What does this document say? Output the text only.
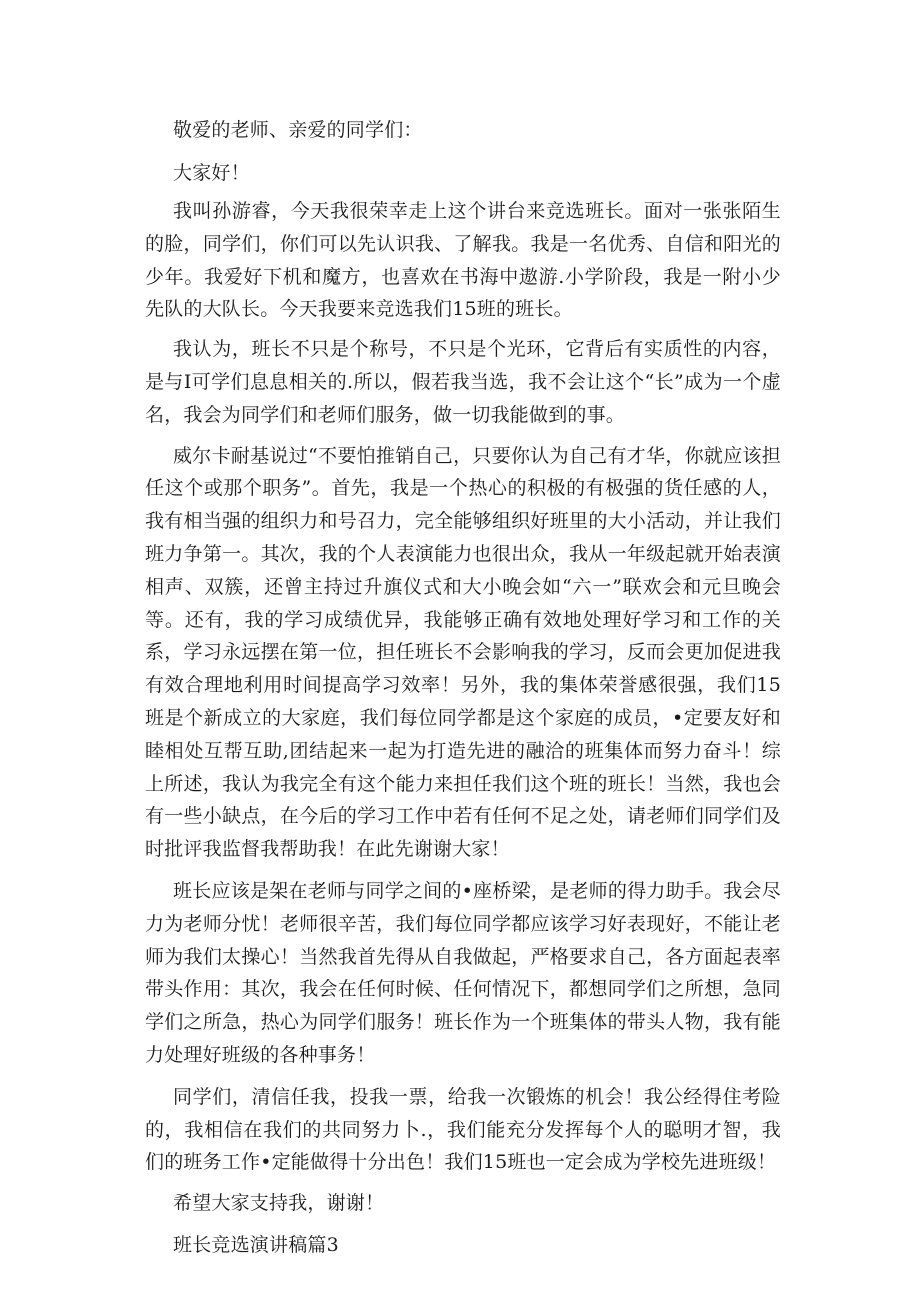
敬爱的老师、亲爱的同学们：

大家好！

我叫孙游睿，今天我很荣幸走上这个讲台来竞选班长。面对一张张陌生的脸，同学们，你们可以先认识我、了解我。我是一名优秀、自信和阳光的少年。我爱好下机和魔方，也喜欢在书海中遨游.小学阶段，我是一附小少先队的大队长。今天我要来竞选我们15班的班长。

我认为，班长不只是个称号，不只是个光环，它背后有实质性的内容，是与I可学们息息相关的.所以，假若我当选，我不会让这个“长”成为一个虚名，我会为同学们和老师们服务，做一切我能做到的事。

威尔卡耐基说过“不要怕推销自己，只要你认为自己有才华，你就应该担任这个或那个职务”。首先，我是一个热心的积极的有极强的货任感的人，我有相当强的组织力和号召力，完全能够组织好班里的大小活动，并让我们班力争第一。其次，我的个人表演能力也很出众，我从一年级起就开始表演相声、双簇，还曾主持过升旗仪式和大小晚会如“六一”联欢会和元旦晚会等。还有，我的学习成绩优异，我能够正确有效地处理好学习和工作的关系，学习永远摆在第一位，担任班长不会影响我的学习，反而会更加促进我有效合理地利用时间提高学习效率！另外，我的集体荣誉感很强，我们15班是个新成立的大家庭，我们每位同学都是这个家庭的成员，•定要友好和睦相处互帮互助,团结起来一起为打造先进的融洽的班集体而努力奋斗！综上所述，我认为我完全有这个能力来担任我们这个班的班长！当然，我也会有一些小缺点，在今后的学习工作中若有任何不足之处，请老师们同学们及时批评我监督我帮助我！在此先谢谢大家！

班长应该是架在老师与同学之间的•座桥梁，是老师的得力助手。我会尽力为老师分忧！老师很辛苦，我们每位同学都应该学习好表现好，不能让老师为我们太操心！当然我首先得从自我做起，严格要求自己，各方面起表率带头作用：其次，我会在任何时候、任何情况下，都想同学们之所想，急同学们之所急，热心为同学们服务！班长作为一个班集体的带头人物，我有能力处理好班级的各种事务！

同学们，清信任我，投我一票，给我一次锻炼的机会！我公经得住考险的，我相信在我们的共同努力卜.，我们能充分发挥每个人的聪明才智，我们的班务工作•定能做得十分出色！我们15班也一定会成为学校先进班级！

希望大家支持我，谢谢！

班长竞选演讲稿篇3
